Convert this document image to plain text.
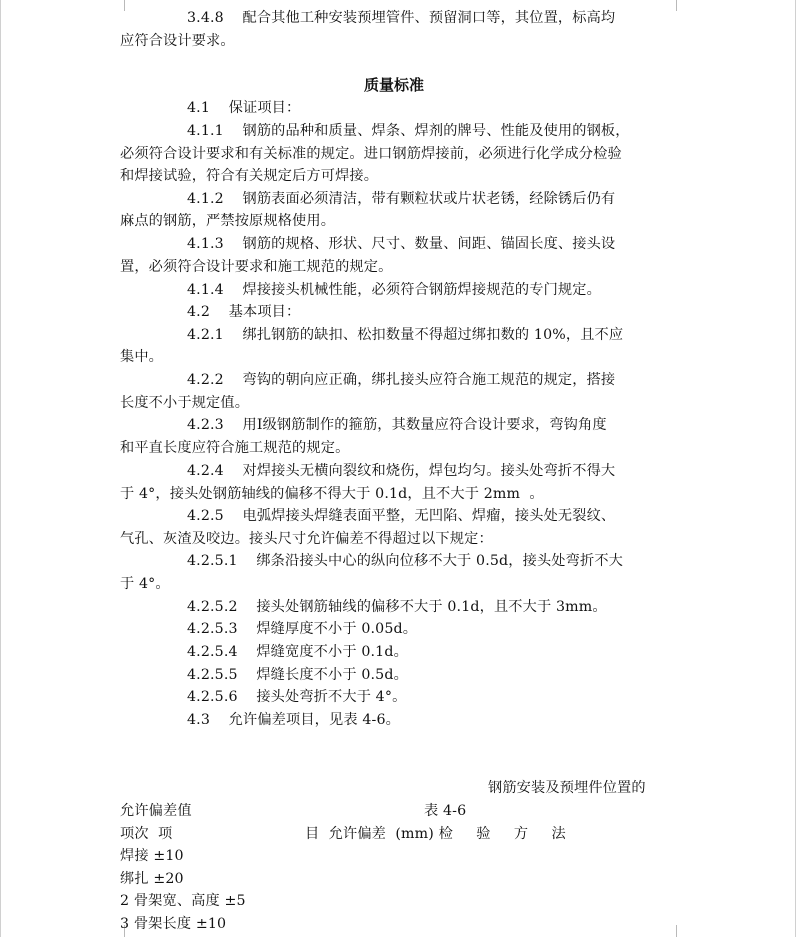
3.4.8    配合其他工种安装预埋管件、预留洞口等，其位置，标高均
应符合设计要求。
质量标准
4.1    保证项目：
4.1.1    钢筋的品种和质量、焊条、焊剂的牌号、性能及使用的钢板，
必须符合设计要求和有关标准的规定。进口钢筋焊接前，必须进行化学成分检验
和焊接试验，符合有关规定后方可焊接。
4.1.2    钢筋表面必须清洁，带有颗粒状或片状老锈，经除锈后仍有
麻点的钢筋，严禁按原规格使用。
4.1.3    钢筋的规格、形状、尺寸、数量、间距、锚固长度、接头设
置，必须符合设计要求和施工规范的规定。
4.1.4    焊接接头机械性能，必须符合钢筋焊接规范的专门规定。
4.2    基本项目：
4.2.1    绑扎钢筋的缺扣、松扣数量不得超过绑扣数的 10%，且不应
集中。
4.2.2    弯钩的朝向应正确，绑扎接头应符合施工规范的规定，搭接
长度不小于规定值。
4.2.3    用Ⅰ级钢筋制作的箍筋，其数量应符合设计要求，弯钩角度
和平直长度应符合施工规范的规定。
4.2.4    对焊接头无横向裂纹和烧伤，焊包均匀。接头处弯折不得大
于 4°，接头处钢筋轴线的偏移不得大于 0.1d，且不大于 2mm  。
4.2.5    电弧焊接头焊缝表面平整，无凹陷、焊瘤，接头处无裂纹、
气孔、灰渣及咬边。接头尺寸允许偏差不得超过以下规定：
4.2.5.1    绑条沿接头中心的纵向位移不大于 0.5d，接头处弯折不大
于 4°。
4.2.5.2    接头处钢筋轴线的偏移不大于 0.1d，且不大于 3mm。
4.2.5.3    焊缝厚度不小于 0.05d。
4.2.5.4    焊缝宽度不小于 0.1d。
4.2.5.5    焊缝长度不小于 0.5d。
4.2.5.6    接头处弯折不大于 4°。
4.3    允许偏差项目，见表 4-6。
钢筋安装及预埋件位置的
允许偏差值	表 4-6
项次  项	目  允许偏差  (mm) 检     验     方     法
焊接 ±10
绑扎 ±20
2 骨架宽、高度 ±5
3 骨架长度 ±10
